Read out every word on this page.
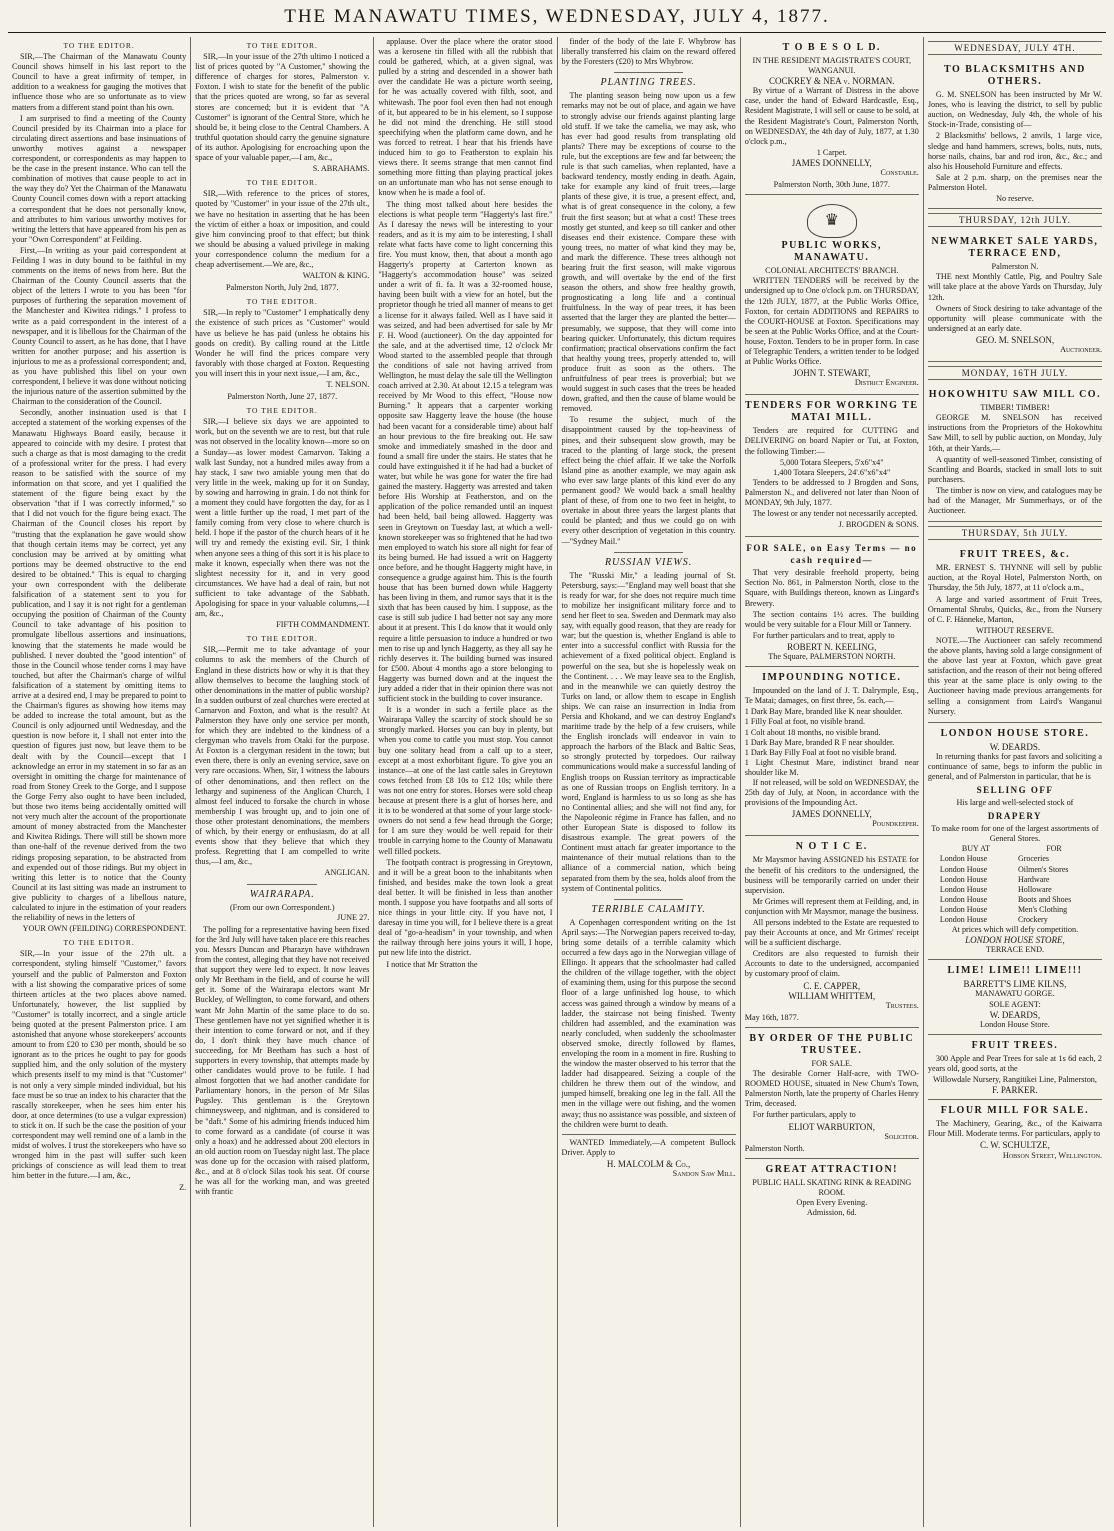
THE MANAWATU TIMES, WEDNESDAY, JULY 4, 1877.
TO THE EDITOR.

SIR,—The Chairman of the Manawatu County Council shows himself in his last report to the Council to have a great infirmity of temper, in addition to a weakness for gauging the motives that influence those who are so unfortunate as to view matters from a different stand point than his own.

I am surprised to find a meeting of the County Council presided by its Chairman into a place for circulating direct assertions and base insinuations of unworthy motives against a newspaper correspondent, or correspondents as may happen to be the case in the present instance. Who can tell the combination of motives that cause people to act in the way they do? Yet the Chairman of the Manawatu County Council comes down with a report attacking a correspondent that he does not personally know, and attributes to him various unworthy motives for writing the letters that have appeared from his pen as your "Own Correspondent" at Feilding.

First,—In writing as your paid correspondent at Feilding I was in duty bound to be faithful in my comments on the items of news from here. But the Chairman of the County Council asserts that the object of the letters I wrote to you has been "for purposes of furthering the separation movement of the Manchester and Kiwitea ridings." I profess to write as a paid correspondent in the interest of a newspaper, and it is libellous for the Chairman of the County Council to assert, as he has done, that I have written for another purpose; and his assertion is injurious to me as a professional correspondent; and, as you have published this libel on your own correspondent, I believe it was done without noticing the injurious nature of the assertion submitted by the Chairman to the consideration of the Council.

Secondly, another insinuation used is that I accepted a statement of the working expenses of the Manawatu Highways Board easily, because it appeared to coincide with my desire. I protest that such a charge as that is most damaging to the credit of a professional writer for the press. I had every reason to be satisfied with the source of my information on that score, and yet I qualified the statement of the figure being exact by the observation "that if I was correctly informed," so that I did not vouch for the figure being exact. The Chairman of the Council closes his report by "trusting that the explanation he gave would show that though certain items may be correct, yet any conclusion may be arrived at by omitting what portions may be deemed obstructive to the end desired to be obtained." This is equal to charging your own correspondent with the deliberate falsification of a statement sent to you for publication, and I say it is not right for a gentleman occupying the position of Chairman of the County Council to take advantage of his position to promulgate libellous assertions and insinuations, knowing that the statements he made would be published. I never doubted the "good intention" of those in the Council whose tender corns I may have touched, but after the Chairman's charge of wilful falsification of a statement by omitting items to arrive at a desired end, I may be prepared to point to the Chairman's figures as showing how items may be added to increase the total amount, but as the Council is only adjourned until Wednesday, and the question is now before it, I shall not enter into the question of figures just now, but leave them to be dealt with by the Council—except that I acknowledge an error in my statement in so far as an oversight in omitting the charge for maintenance of road from Stoney Creek to the Gorge, and I suppose the Gorge Ferry also ought to have been included, but those two items being accidentally omitted will not very much alter the account of the proportionate amount of money abstracted from the Manchester and Kiwitea Ridings. There will still be shown more than one-half of the revenue derived from the two ridings proposing separation, to be abstracted from and expended out of those ridings. But my object in writing this letter is to notice that the County Council at its last sitting was made an instrument to give publicity to charges of a libellous nature, calculated to injure in the estimation of your readers the reliability of news in the letters of

YOUR OWN (FEILDING) CORRESPONDENT.
TO THE EDITOR.

SIR,—In your issue of the 27th ult. a correspondent, styling himself "Customer," favors yourself and the public of Palmerston and Foxton with a list showing the comparative prices of some thirteen articles at the two places above named. Unfortunately, however, the list supplied by "Customer" is totally incorrect, and a single article being quoted at the present Palmerston price. I am astonished that anyone whose storekeepers' accounts amount to from £20 to £30 per month, should be so ignorant as to the prices he ought to pay for goods supplied him, and the only solution of the mystery which presents itself to my mind is that "Customer" is not only a very simple minded individual, but his face must be so true an index to his character that the rascally storekeeper, when he sees him enter his door, at once determines (to use a vulgar expression) to stick it on. If such be the case the position of your correspondent may well remind one of a lamb in the midst of wolves. I trust the storekeepers who have so wronged him in the past will suffer such keen prickings of conscience as will lead them to treat him better in the future.—I am, &c.,

Z.
TO THE EDITOR.

SIR,—In your issue of the 27th ultimo I noticed a list of prices quoted by "A Customer," showing the difference of charges for stores, Palmerston v. Foxton. I wish to state for the benefit of the public that the prices quoted are wrong, so far as several stores are concerned; but it is evident that "A Customer" is ignorant of the Central Store, which he should be, it being close to the Central Chambers. A truthful quotation should carry the genuine signature of its author. Apologising for encroaching upon the space of your valuable paper,—I am, &c.,

S. ABRAHAMS.
TO THE EDITOR.

SIR,—With reference to the prices of stores, quoted by "Customer" in your issue of the 27th ult., we have no hesitation in asserting that he has been the victim of either a hoax or imposition, and could give him convincing proof to that effect; but think we should be abusing a valued privilege in making your correspondence column the medium for a cheap advertisement.—We are, &c.,

WALTON & KING.
Palmerston North, July 2nd, 1877.
TO THE EDITOR.

SIR,—In reply to "Customer" I emphatically deny the existence of such prices as "Customer" would have us believe he has paid (unless he obtains his goods on credit). By calling round at the Little Wonder he will find the prices compare very favorably with those charged at Foxton. Requesting you will insert this in your next issue,—I am, &c.,

T. NELSON.
Palmerston North, June 27, 1877.
TO THE EDITOR.

SIR,—I believe six days we are appointed to work, but on the seventh we are to rest, but that rule was not observed in the locality known—more so on a Sunday—as lower modest Carnarvon. Taking a walk last Sunday, not a hundred miles away from a hay stack, I saw two amiable young men that do very little in the week, making up for it on Sunday, by sowing and harrowing in grain. I do not think for a moment they could have forgotten the day, for as I went a little further up the road, I met part of the family coming from very close to where church is held. I hope if the pastor of the church hears of it he will try and remedy the existing evil. Sir, I think when anyone sees a thing of this sort it is his place to make it known, especially when there was not the slightest necessity for it, and in very good circumstances. We have had a deal of rain, but not sufficient to take advantage of the Sabbath. Apologising for space in your valuable columns,—I am, &c.,

FIFTH COMMANDMENT.
TO THE EDITOR.

SIR,—Permit me to take advantage of your columns to ask the members of the Church of England in these districts how or why it is that they allow themselves to become the laughing stock of other denominations in the matter of public worship? In a sudden outburst of zeal churches were erected at Carnarvon and Foxton, and what is the result? At Palmerston they have only one service per month, for which they are indebted to the kindness of a clergyman who travels from Otaki for the purpose. At Foxton is a clergyman resident in the town; but even there, there is only an evening service, save on very rare occasions. When, Sir, I witness the labours of other denominations, and then reflect on the lethargy and supineness of the Anglican Church, I almost feel induced to forsake the church in whose membership I was brought up, and to join one of those other protestant denominations, the members of which, by their energy or enthusiasm, do at all events show that they believe that which they profess. Regretting that I am compelled to write thus,—I am, &c.,

ANGLICAN.
WAIRARAPA.
(From our own Correspondent.)
JUNE 27.

The polling for a representative having been fixed for the 3rd July will have taken place ere this reaches you. Messrs Duncan and Pharazyn have withdrawn from the contest, alleging that they have not received that support they were led to expect. It now leaves only Mr Beetham in the field, and of course he will get it. Some of the Wairarapa electors want Mr Buckley, of Wellington, to come forward, and others want Mr John Martin of the same place to do so. These gentlemen have not yet signified whether it is their intention to come forward or not, and if they do, I don't think they have much chance of succeeding, for Mr Beetham has such a host of supporters in every township, that attempts made by other candidates would prove to be futile. I had almost forgotten that we had another candidate for Parliamentary honors, in the person of Mr Silas Pugsley. This gentleman is the Greytown chimneysweep, and nightman, and is considered to be "daft." Some of his admiring friends induced him to come forward as a candidate (of course it was only a hoax) and he addressed about 200 electors in an old auction room on Tuesday night last. The place was done up for the occasion with raised platform, &c., and at 8 o'clock Silas took his seat. Of course he was all for the working man, and was greeted with frantic

applause. Over the place where the orator stood was a kerosene tin filled with all the rubbish that could be gathered, which, at a given signal, was pulled by a string and descended in a shower bath over the candidate He was a picture worth seeing, for he was actually covered with filth, soot, and whitewash. The poor fool even then had not enough of it, but appeared to be in his element, so I suppose he did not mind the drenching. He still stood speechifying when the platform came down, and he was forced to retreat. I hear that his friends have induced him to go to Featherston to explain his views there. It seems strange that men cannot find something more fitting than playing practical jokes on an unfortunate man who has not sense enough to know when he is made a fool of.

The thing most talked about here besides the elections is what people term "Haggerty's last fire." As I daresay the news will be interesting to your readers, and as it is my aim to be interesting, I shall relate what facts have come to light concerning this fire. You must know, then, that about a month ago Haggerty's property at Carterton known as "Haggerty's accommodation house" was seized under a writ of fi. fa. It was a 32-roomed house, having been built with a view for an hotel, but the proprietor though he tried all manner of means to get a license for it always failed. Well as I have said it was seized, and had been advertised for sale by Mr F. H. Wood (auctioneer). On the day appointed for the sale, and at the advertised time, 12 o'clock Mr Wood started to the assembled people that through the conditions of sale not having arrived from Wellington, he must delay the sale till the Wellington coach arrived at 2.30. At about 12.15 a telegram was received by Mr Wood to this effect, "House now Burning." It appears that a carpenter working opposite saw Haggerty leave the house (the house had been vacant for a considerable time) about half an hour previous to the fire breaking out. He saw smoke and immediately smashed in the door and found a small fire under the stairs. He states that he could have extinguished it if he had had a bucket of water, but while he was gone for water the fire had gained the mastery. Haggerty was arrested and taken before His Worship at Featherston, and on the application of the police remanded until an inquest had been held, bail being allowed. Haggerty was seen in Greytown on Tuesday last, at which a well-known storekeeper was so frightened that he had two men employed to watch his store all night for fear of its being burned. He had issued a writ on Haggerty once before, and he thought Haggerty might have, in consequence a grudge against him. This is the fourth house that has been burned down while Haggerty has been living in them, and rumor says that it is the sixth that has been caused by him. I suppose, as the case is still sub judice I had better not say any more about it at present. This I do know that it would only require a little persuasion to induce a hundred or two men to rise up and lynch Haggerty, as they all say he richly deserves it. The building burned was insured for £500. About 4 months ago a store belonging to Haggerty was burned down and at the inquest the jury added a rider that in their opinion there was not sufficient stock in the building to cover insurance.

It is a wonder in such a fertile place as the Wairarapa Valley the scarcity of stock should be so strongly marked. Horses you can buy in plenty, but when you come to cattle you must stop. You cannot buy one solitary head from a calf up to a steer, except at a most exhorbitant figure. To give you an instance—at one of the last cattle sales in Greytown cows fetched from £8 10s to £12 10s; while there was not one entry for stores. Horses were sold cheap because at present there is a glut of horses here, and it is to be wondered at that some of your large stock-owners do not send a few head through the Gorge; for I am sure they would be well repaid for their trouble in carrying home to the County of Manawatu well filled pockets.

The footpath contract is progressing in Greytown, and it will be a great boon to the inhabitants when finished, and besides make the town look a great deal better. It will be finished in less than another month. I suppose you have footpaths and all sorts of nice things in your little city. If you have not, I daresay in time you will, for I believe there is a great deal of "go-a-headism" in your township, and when the railway through here joins yours it will, I hope, put new life into the district.

I notice that Mr Stratton the

finder of the body of the late F. Whybrow has liberally transferred his claim on the reward offered by the Foresters (£20) to Mrs Whybrow.

PLANTING TREES.

The planting season being now upon us a few remarks may not be out of place, and again we have to strongly advise our friends against planting large old stuff. If we take the camelia, we may ask, who has ever had good results from transplating old plants? There may be exceptions of course to the rule, but the exceptions are few and far between; the rule is that such camelias, when replanted, have a backward tendency, mostly ending in death. Again, take for example any kind of fruit trees,—large plants of these give, it is true, a present effect, and, what is of great consequence in the colony, a few fruit the first season; but at what a cost! These trees mostly get stunted, and keep so till canker and other diseases end their existence. Compare these with young trees, no matter of what kind they may be, and mark the difference. These trees although not bearing fruit the first season, will make vigorous growth, and will overtake by the end of the first season the others, and show free healthy growth, prognosticating a long life and a continual fruitfulness. In the way of pear trees, it has been asserted that the larger they are planted the better—presumably, we suppose, that they will come into bearing quicker. Unfortunately, this dictum requires confirmation; practical observations confirm the fact that healthy young trees, properly attended to, will produce fruit as soon as the others. The unfruitfulness of pear trees is proverbial; but we would suggest in such cases that the trees be headed down, grafted, and then the cause of blame would be removed.

To resume the subject, much of the disappointment caused by the top-heaviness of pines, and their subsequent slow growth, may be traced to the planting of large stock, the present effect being the chief affair. If we take the Norfolk Island pine as another example, we may again ask who ever saw large plants of this kind ever do any permanent good? We would back a small healthy plant of these, of from one to two feet in height, to overtake in about three years the largest plants that could be planted; and thus we could go on with every other description of vegetation in this country.—"Sydney Mail."

RUSSIAN VIEWS.

The "Russki Mir," a leading journal of St. Petersburg, says:—"England may well boast that she is ready for war, for she does not require much time to mobilize her insignificant military force and to send her fleet to sea. Sweden and Denmark may also say, with equally good reason, that they are ready for war; but the question is, whether England is able to enter into a successful conflict with Russia for the achievement of a fixed political object. England is powerful on the sea, but she is hopelessly weak on the Continent. . . . We may leave sea to the English, and in the meanwhile we can quietly destroy the Turks on land, or allow them to escape in English ships. We can raise an insurrection in India from Persia and Khokand, and we can destroy England's maritime trade by the help of a few cruisers, while the English ironclads will endeavor in vain to approach the harbors of the Black and Baltic Seas, so strongly protected by torpedoes. Our railway communications would make a successful landing of English troops on Russian territory as impracticable as one of Russian troops on English territory. In a word, England is harmless to us so long as she has no Continental allies; and she will not find any, for the Napoleonic régime in France has fallen, and no other European State is disposed to follow its disastrous example. The great powers of the Continent must attach far greater importance to the maintenance of their mutual relations than to the alliance of a commercial nation, which being separated from them by the sea, holds aloof from the system of Continental politics.

TERRIBLE CALAMITY.

A Copenhagen correspondent writing on the 1st April says:—The Norwegian papers received to-day, bring some details of a terrible calamity which occurred a few days ago in the Norwegian village of Ellingo. It appears that the schoolmaster had called the children of the village together, with the object of examining them, using for this purpose the second floor of a large unfinished log house, to which access was gained through a window by means of a ladder, the staircase not being finished. Twenty children had assembled, and the examination was nearly concluded, when suddenly the schoolmaster observed smoke, directly followed by flames, enveloping the room in a moment in fire. Rushing to the window the master observed to his terror that the ladder had disappeared. Seizing a couple of the children he threw them out of the window, and jumped himself, breaking one leg in the fall. All the men in the village were out fishing, and the women away; thus no assistance was possible, and sixteen of the children were burnt to death.

WANTED Immediately,—A competent Bullock Driver. Apply to

H. MALCOLM & Co.,
Sandon Saw Mill.
T O B E S O L D.
IN THE RESIDENT MAGISTRATE'S COURT, WANGANUI.
COCKREY & NEA v. NORMAN.

By virtue of a Warrant of Distress in the above case, under the hand of Edward Hardcastle, Esq., Resident Magistrate, I will sell or cause to be sold, at the Resident Magistrate's Court, Palmerston North, on WEDNESDAY, the 4th day of July, 1877, at 1.30 o'clock p.m.,

1 Carpet.
JAMES DONNELLY,
Constable.
Palmerston North, 30th June, 1877.
♛
PUBLIC WORKS, MANAWATU.
COLONIAL ARCHITECTS' BRANCH.

WRITTEN TENDERS will be received by the undersigned up to One o'clock p.m. on THURSDAY, the 12th JULY, 1877, at the Public Works Office, Foxton, for certain ADDITIONS and REPAIRS to the COURT-HOUSE at Foxton. Specifications may be seen at the Public Works Office, and at the Court-house, Foxton. Tenders to be in proper form. In case of Telegraphic Tenders, a written tender to be lodged at Public Works Office.

JOHN T. STEWART,
District Engineer.
TENDERS FOR WORKING TE MATAI MILL.

Tenders are required for CUTTING and DELIVERING on board Napier or Tui, at Foxton, the following Timber:—

5,000 Totara Sleepers, 5'x6"x4"
1,400 Totara Sleepers, 24'.6"x6"x4"

Tenders to be addressed to J Brogden and Sons, Palmerston N., and delivered not later than Noon of MONDAY, 9th July, 1877.

The lowest or any tender not necessarily accepted.

J. BROGDEN & SONS.
FOR SALE, on Easy Terms — no cash required—

That very desirable freehold property, being Section No. 861, in Palmerston North, close to the Square, with Buildings thereon, known as Lingard's Brewery.

The section contains 1½ acres. The building would be very suitable for a Flour Mill or Tannery.

For further particulars and to treat, apply to

ROBERT N. KEELING,
The Square, PALMERSTON NORTH.
IMPOUNDING NOTICE.

Impounded on the land of J. T. Dalrymple, Esq., Te Matai; damages, on first three, 5s. each,—

1 Dark Bay Mare, branded like K near shoulder.
1 Filly Foal at foot, no visible brand.
1 Colt about 18 months, no visible brand.
1 Dark Bay Mare, branded R F near shoulder.
1 Dark Bay Filly Foal at foot no visible brand.
1 Light Chestnut Mare, indistinct brand near shoulder like M.

If not released, will be sold on WEDNESDAY, the 25th day of July, at Noon, in accordance with the provisions of the Impounding Act.

JAMES DONNELLY,
Poundkeeper.
N O T I C E.

Mr Maysmor having ASSIGNED his ESTATE for the benefit of his creditors to the undersigned, the business will be temporarily carried on under their supervision.

Mr Grimes will represent them at Feilding, and, in conjunction with Mr Maysmor, manage the business.

All persons indebted to the Estate are requested to pay their Accounts at once, and Mr Grimes' receipt will be a sufficient discharge.

Creditors are also requested to furnish their Accounts to date to the undersigned, accompanied by customary proof of claim.

C. E. CAPPER,
WILLIAM WHITTEM,
Trustees.
May 16th, 1877.
BY ORDER OF THE PUBLIC TRUSTEE.
FOR SALE.

The desirable Corner Half-acre, with TWO-ROOMED HOUSE, situated in New Chum's Town, Palmerston North, late the property of Charles Henry Trim, deceased.

For further particulars, apply to

ELIOT WARBURTON,
Solicitor.
Palmerston North.
GREAT ATTRACTION!
PUBLIC HALL SKATING RINK & READING ROOM.
Open Every Evening.
Admission, 6d.
WEDNESDAY, JULY 4TH.
TO BLACKSMITHS AND OTHERS.

G. M. SNELSON has been instructed by Mr W. Jones, who is leaving the district, to sell by public auction, on Wednesday, July 4th, the whole of his Stock-in-Trade, consisting of—

2 Blacksmiths' bellows, 2 anvils, 1 large vice, sledge and hand hammers, screws, bolts, nuts, nuts, horse nails, chains, bar and rod iron, &c., &c.; and also his Household Furniture and effects.

Sale at 2 p.m. sharp, on the premises near the Palmerston Hotel.

No reserve.
THURSDAY, 12th JULY.
NEWMARKET SALE YARDS, TERRACE END,
Palmerston N.

THE next Monthly Cattle, Pig, and Poultry Sale will take place at the above Yards on Thursday, July 12th.

Owners of Stock desiring to take advantage of the opportunity will please communicate with the undersigned at an early date.

GEO. M. SNELSON,
Auctioneer.
MONDAY, 16TH JULY.
HOKOWHITU SAW MILL CO.
TIMBER! TIMBER!

GEORGE M. SNELSON has received instructions from the Proprietors of the Hokowhitu Saw Mill, to sell by public auction, on Monday, July 16th, at their Yards,—

A quantity of well-seasoned Timber, consisting of Scantling and Boards, stacked in small lots to suit purchasers.

The timber is now on view, and catalogues may be had of the Manager, Mr Summerhays, or of the Auctioneer.

THURSDAY, 5th JULY.
FRUIT TREES, &c.

MR. ERNEST S. THYNNE will sell by public auction, at the Royal Hotel, Palmerston North, on Thursday, the 5th July, 1877, at 11 o'clock a.m.,

A large and varied assortment of Fruit Trees, Ornamental Shrubs, Quicks, &c., from the Nursery of C. F. Hänneke, Marton,

WITHOUT RESERVE.

NOTE.—The Auctioneer can safely recommend the above plants, having sold a large consignment of the above last year at Foxton, which gave great satisfaction, and the reason of their not being offered this year at the same place is only owing to the Auctioneer having made previous arrangements for selling a consignment from Laird's Wanganui Nursery.

LONDON HOUSE STORE.
W. DEARDS.

In returning thanks for past favors and soliciting a continuance of same, begs to inform the public in general, and of Palmerston in particular, that he is

SELLING OFF
His large and well-selected stock of
DRAPERY
To make room for one of the largest assortments of General Stores.
BUY AT	FOR
London House	Groceries
London House	Oilmen's Stores
London House	Hardware
London House	Holloware
London House	Boots and Shoes
London House	Men's Clothing
London House	Crockery
At prices which will defy competition.
LONDON HOUSE STORE,
TERRACE END.
LIME! LIME!! LIME!!!
BARRETT'S LIME KILNS,
MANAWATU GORGE.
SOLE AGENT:
W. DEARDS,
London House Store.
FRUIT TREES.

300 Apple and Pear Trees for sale at 1s 6d each, 2 years old, good sorts, at the

Willowdale Nursery, Rangitikei Line, Palmerston,
F. PARKER.
FLOUR MILL FOR SALE.

The Machinery, Gearing, &c., of the Kaiwarra Flour Mill. Moderate terms. For particulars, apply to

C. W. SCHULTZE,
Hobson Street, Wellington.
